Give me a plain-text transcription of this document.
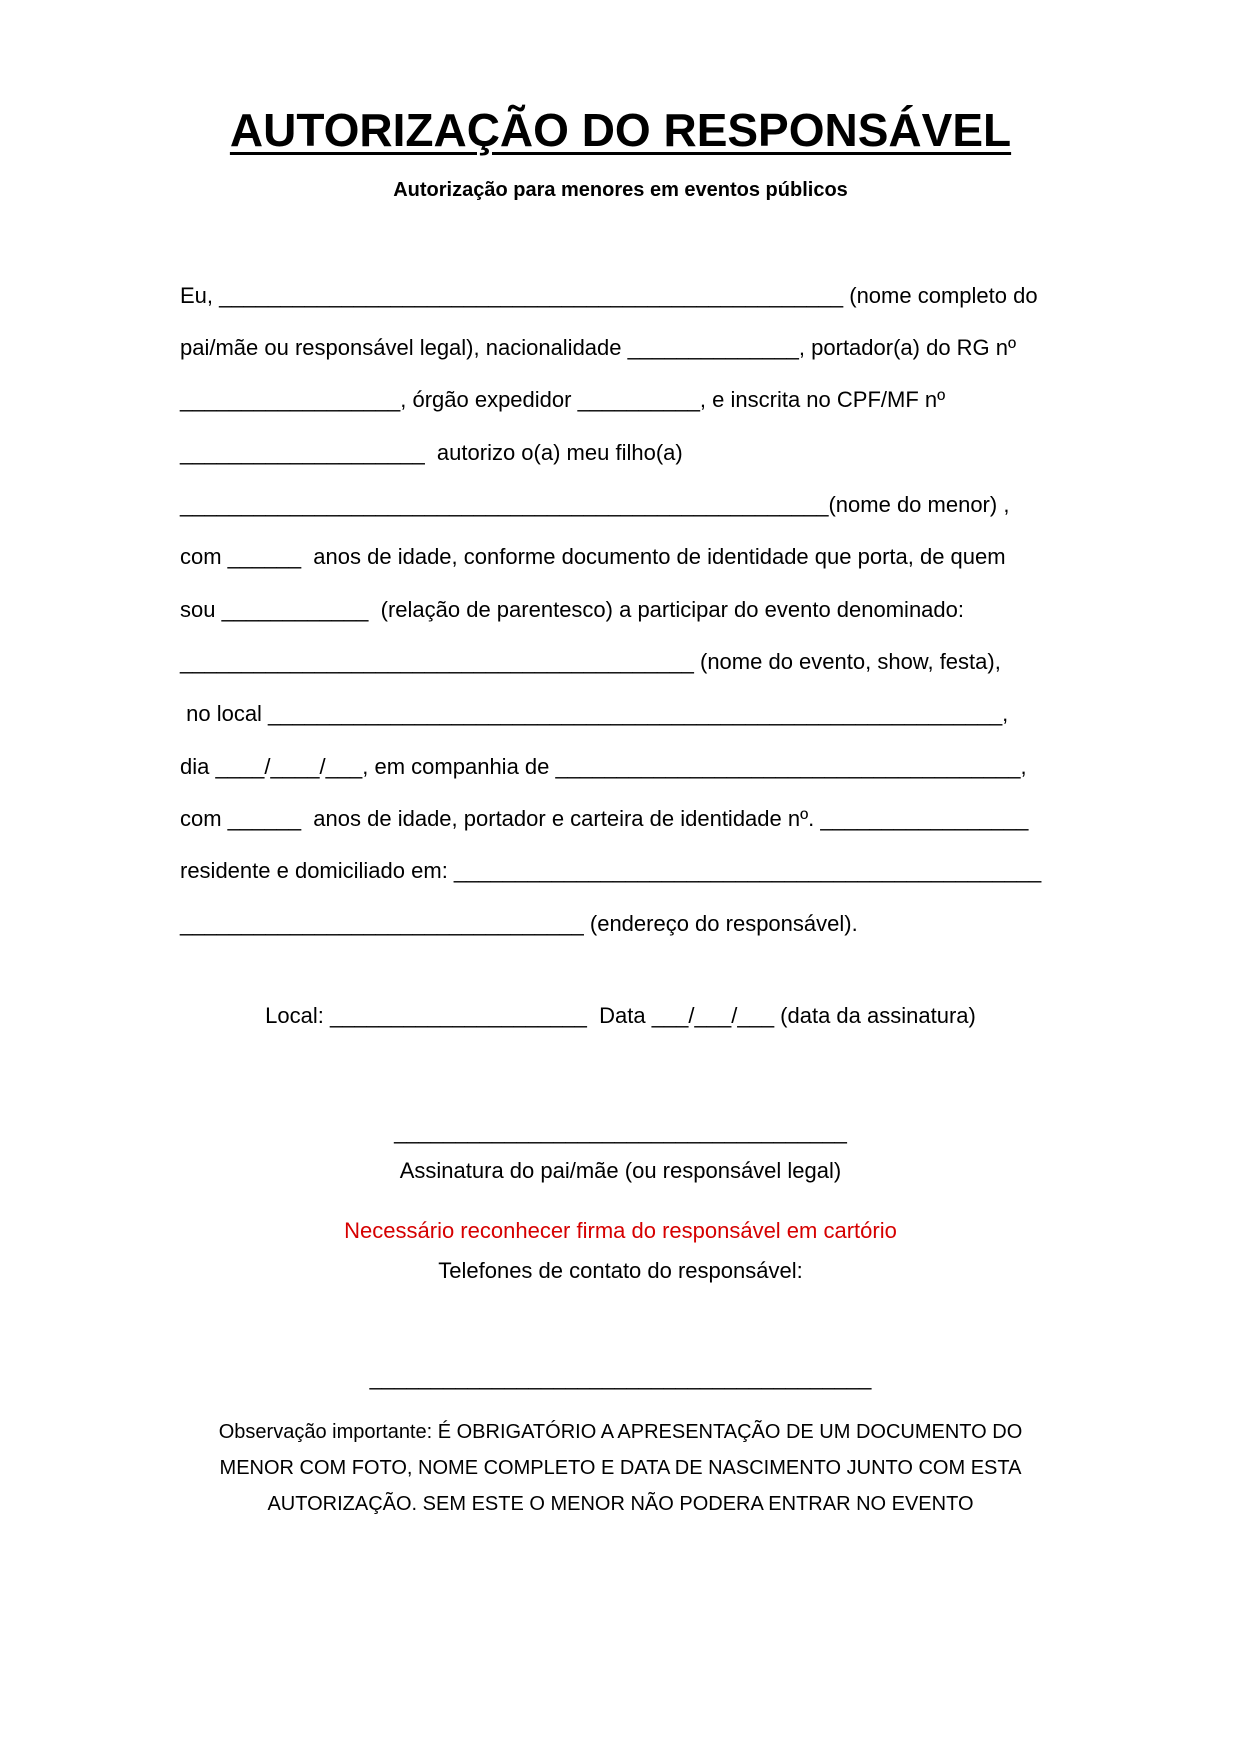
AUTORIZAÇÃO DO RESPONSÁVEL
Autorização para menores em eventos públicos
Eu, ___________________________________________________ (nome completo do
pai/mãe ou responsável legal), nacionalidade ______________, portador(a) do RG nº
__________________, órgão expedidor __________, e inscrita no CPF/MF nº
____________________  autorizo o(a) meu filho(a)
_____________________________________________________(nome do menor) ,
com ______  anos de idade, conforme documento de identidade que porta, de quem
sou ____________  (relação de parentesco) a participar do evento denominado:
__________________________________________ (nome do evento, show, festa),
no local ____________________________________________________________,
dia ____/____/___, em companhia de ______________________________________,
com ______  anos de idade, portador e carteira de identidade nº. _________________
residente e domiciliado em: ________________________________________________
_________________________________ (endereço do responsável).
Local: _____________________  Data ___/___/___ (data da assinatura)
_____________________________________
Assinatura do pai/mãe (ou responsável legal)
Necessário reconhecer firma do responsável em cartório
Telefones de contato do responsável:
_________________________________________
Observação importante: É OBRIGATÓRIO A APRESENTAÇÃO DE UM DOCUMENTO DO
MENOR COM FOTO, NOME COMPLETO E DATA DE NASCIMENTO JUNTO COM ESTA
AUTORIZAÇÃO. SEM ESTE O MENOR NÃO PODERA ENTRAR NO EVENTO
